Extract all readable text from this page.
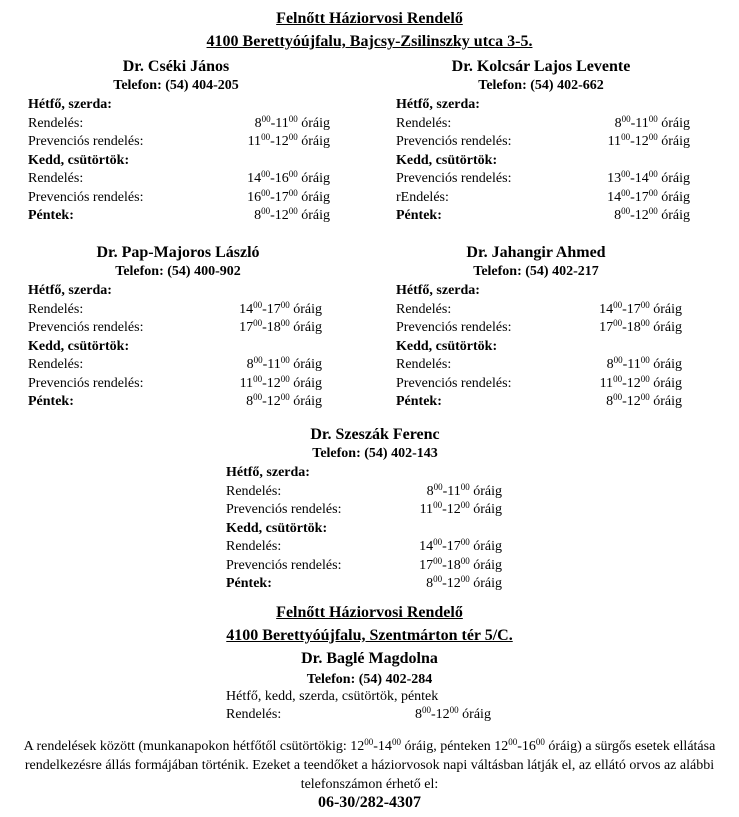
Felnőtt Háziorvosi Rendelő
4100 Berettyóújfalu, Bajcsy-Zsilinszky utca 3-5.
Dr. Cséki János
Telefon: (54) 404-205
Hétfő, szerda:
Rendelés:	$8^{00}-11^{00}$ óráig
Prevenciós rendelés:	$11^{00}-12^{00}$ óráig
Kedd, csütörtök:
Rendelés:	$14^{00}-16^{00}$ óráig
Prevenciós rendelés:	$16^{00}-17^{00}$ óráig
Péntek:	$8^{00}-12^{00}$ óráig
Dr. Kolcsár Lajos Levente
Telefon: (54) 402-662
Hétfő, szerda:
Rendelés:	$8^{00}-11^{00}$ óráig
Prevenciós rendelés:	$11^{00}-12^{00}$ óráig
Kedd, csütörtök:
Prevenciós rendelés:	$13^{00}-14^{00}$ óráig
rEndelés:	$14^{00}-17^{00}$ óráig
Péntek:	$8^{00}-12^{00}$ óráig
Dr. Pap-Majoros László
Telefon: (54) 400-902
Hétfő, szerda:
Rendelés:	$14^{00}-17^{00}$ óráig
Prevenciós rendelés:	$17^{00}-18^{00}$ óráig
Kedd, csütörtök:
Rendelés:	$8^{00}-11^{00}$ óráig
Prevenciós rendelés:	$11^{00}-12^{00}$ óráig
Péntek:	$8^{00}-12^{00}$ óráig
Dr. Jahangir Ahmed
Telefon: (54) 402-217
Hétfő, szerda:
Rendelés:	$14^{00}-17^{00}$ óráig
Prevenciós rendelés:	$17^{00}-18^{00}$ óráig
Kedd, csütörtök:
Rendelés:	$8^{00}-11^{00}$ óráig
Prevenciós rendelés:	$11^{00}-12^{00}$ óráig
Péntek:	$8^{00}-12^{00}$ óráig
Dr. Szeszák Ferenc
Telefon: (54) 402-143
Hétfő, szerda:
Rendelés:	$8^{00}-11^{00}$ óráig
Prevenciós rendelés:	$11^{00}-12^{00}$ óráig
Kedd, csütörtök:
Rendelés:	$14^{00}-17^{00}$ óráig
Prevenciós rendelés:	$17^{00}-18^{00}$ óráig
Péntek:	$8^{00}-12^{00}$ óráig
Felnőtt Háziorvosi Rendelő
4100 Berettyóújfalu, Szentmárton tér 5/C.
Dr. Baglé Magdolna
Telefon: (54) 402-284
Hétfő, kedd, szerda, csütörtök, péntek
Rendelés:	$8^{00}-12^{00}$ óráig
A rendelések között (munkanapokon hétfőtől csütörtökig: $12^{00}-14^{00}$ óráig, pénteken $12^{00}-16^{00}$ óráig) a sürgős esetek ellátása rendelkezésre állás formájában történik. Ezeket a teendőket a háziorvosok napi váltásban látják el, az ellátó orvos az alábbi telefonszámon érhető el:
06-30/282-4307
